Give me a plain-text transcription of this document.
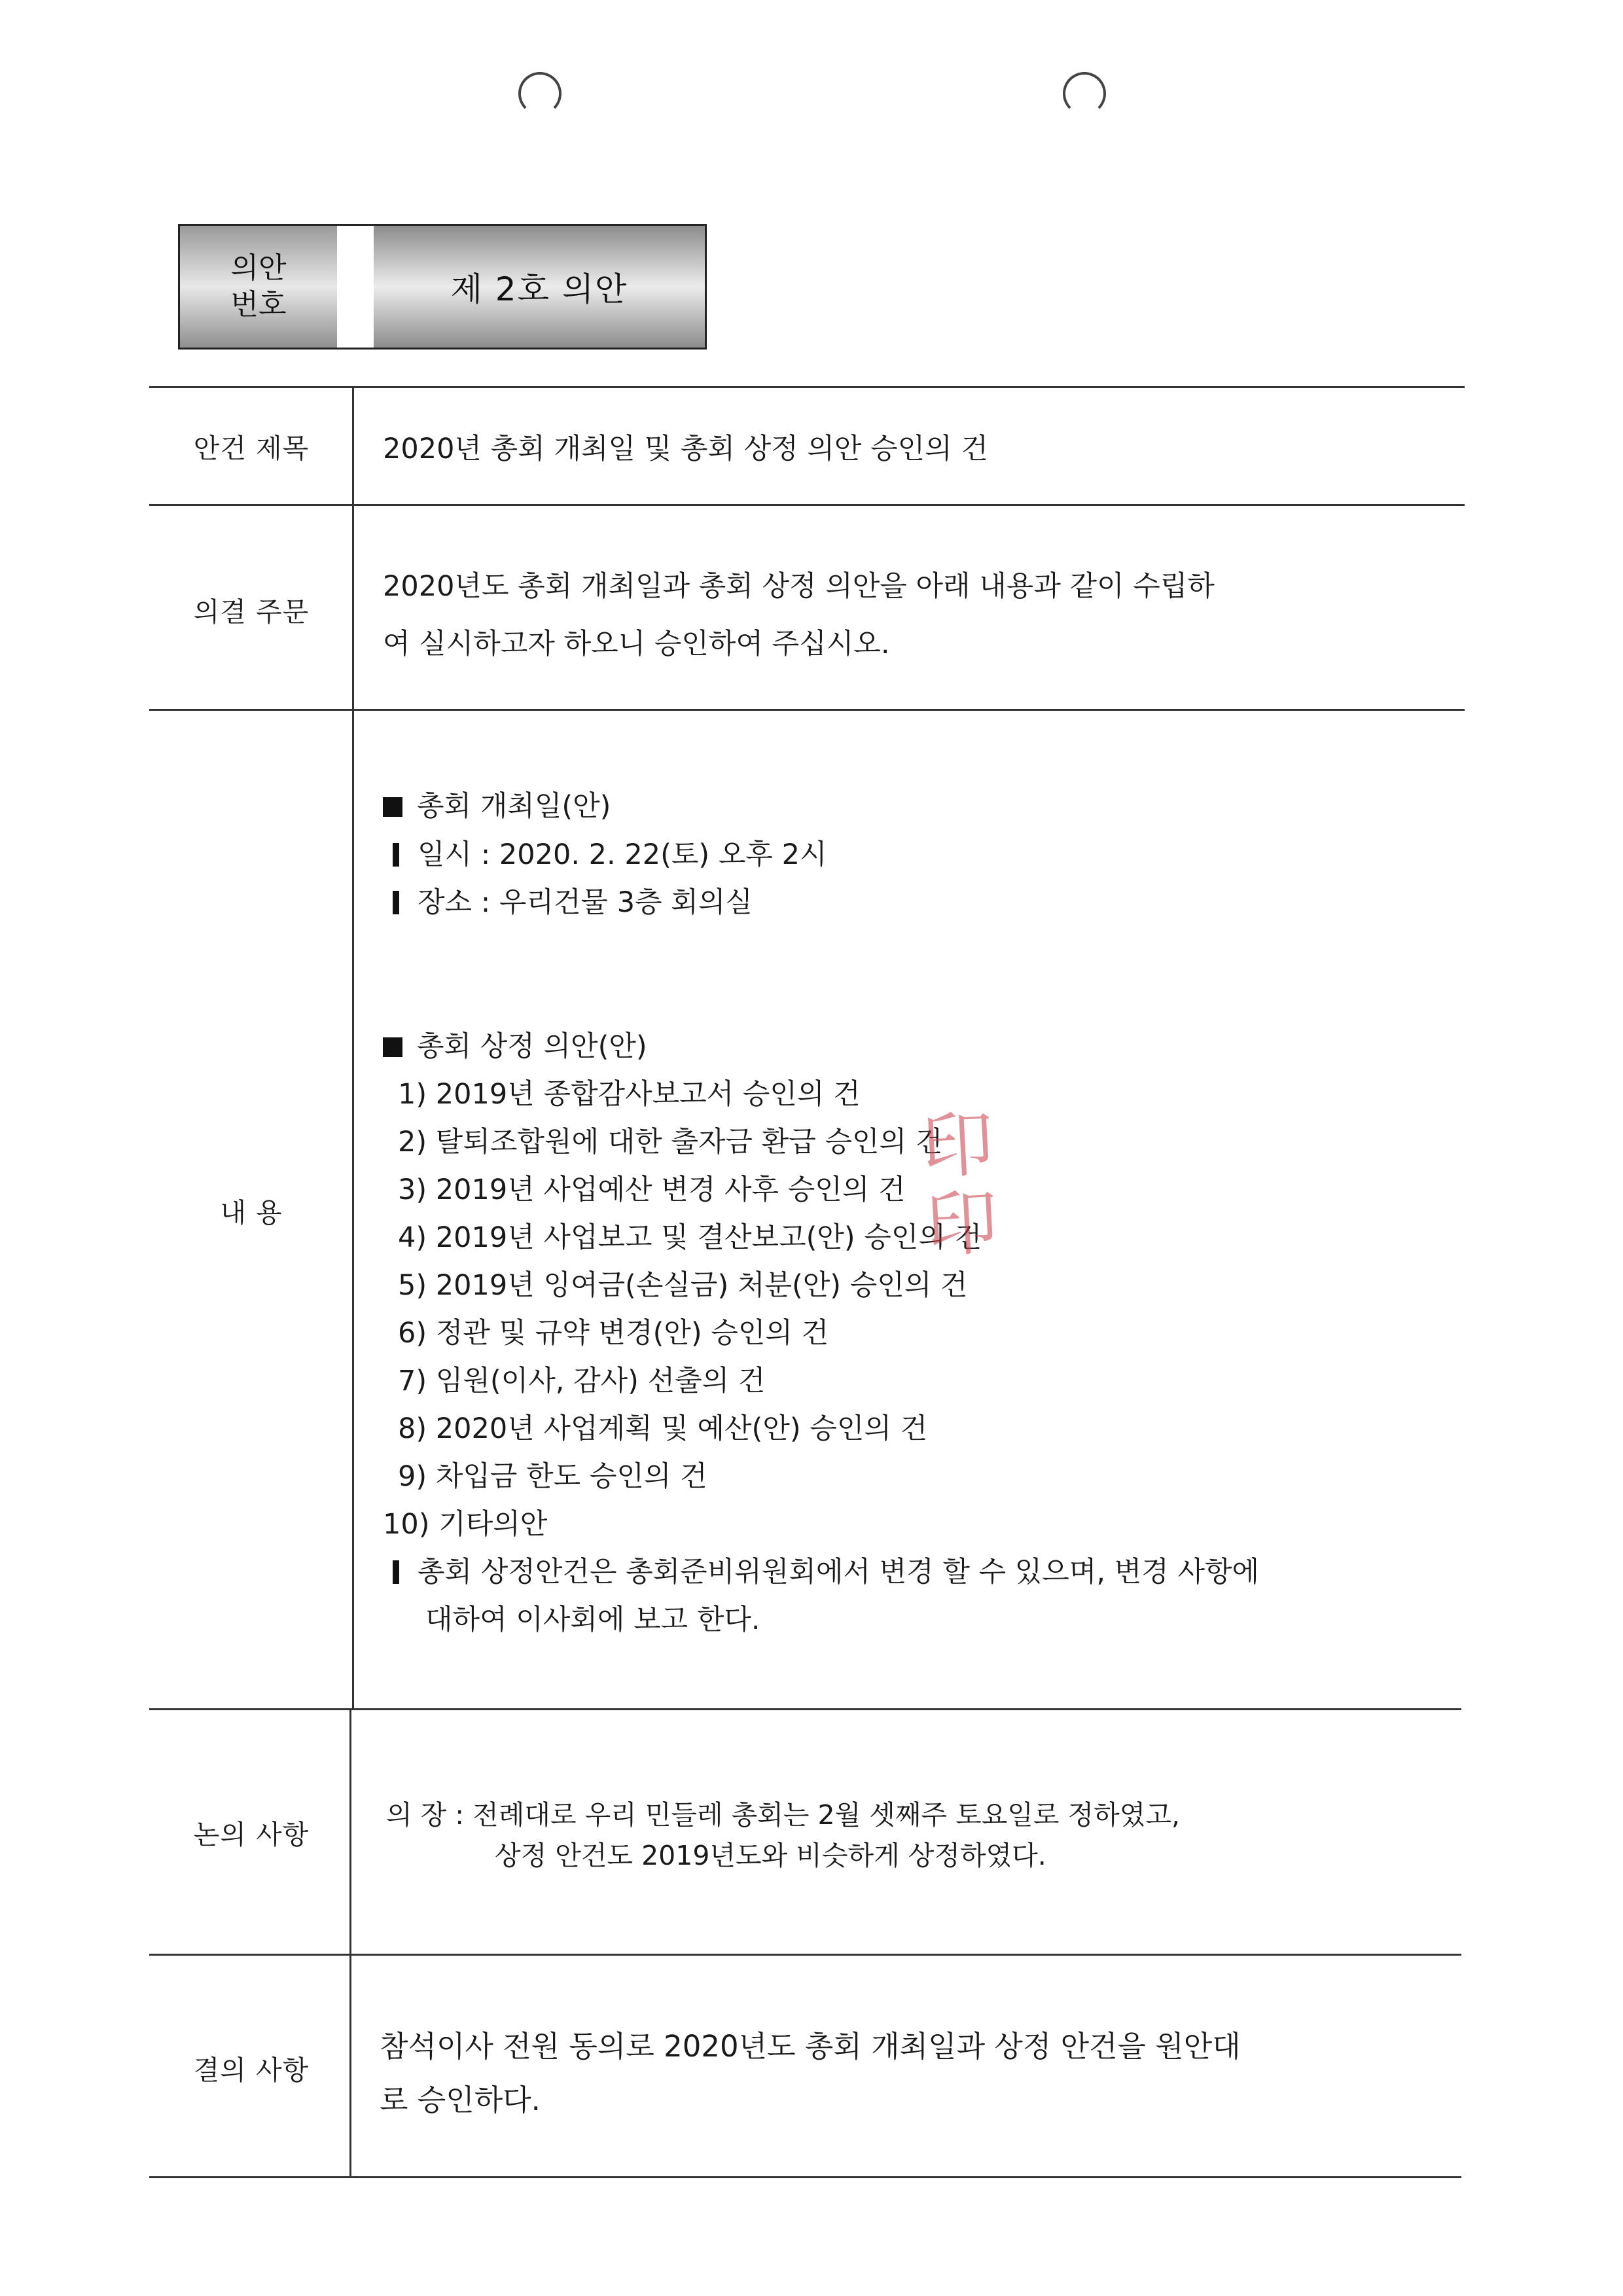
의안
번호	제 2호 의안
안건 제목	2020년 총회 개최일 및 총회 상정 의안 승인의 건
의결 주문
2020년도 총회 개최일과 총회 상정 의안을 아래 내용과 같이 수립하
여 실시하고자 하오니 승인하여 주십시오.
내 용
총회 개최일(안)
일시 : 2020. 2. 22(토) 오후 2시
장소 : 우리건물 3층 회의실
총회 상정 의안(안)
1) 2019년 종합감사보고서 승인의 건
2) 탈퇴조합원에 대한 출자금 환급 승인의 건
3) 2019년 사업예산 변경 사후 승인의 건
4) 2019년 사업보고 및 결산보고(안) 승인의 건
5) 2019년 잉여금(손실금) 처분(안) 승인의 건
6) 정관 및 규약 변경(안) 승인의 건
7) 임원(이사, 감사) 선출의 건
8) 2020년 사업계획 및 예산(안) 승인의 건
9) 차입금 한도 승인의 건
10) 기타의안
총회 상정안건은 총회준비위원회에서 변경 할 수 있으며, 변경 사항에
대하여 이사회에 보고 한다.
印
印
논의 사항
의 장 : 전례대로 우리 민들레 총회는 2월 셋째주 토요일로 정하였고,
상정 안건도 2019년도와 비슷하게 상정하였다.
결의 사항
참석이사 전원 동의로 2020년도 총회 개최일과 상정 안건을 원안대
로 승인하다.
